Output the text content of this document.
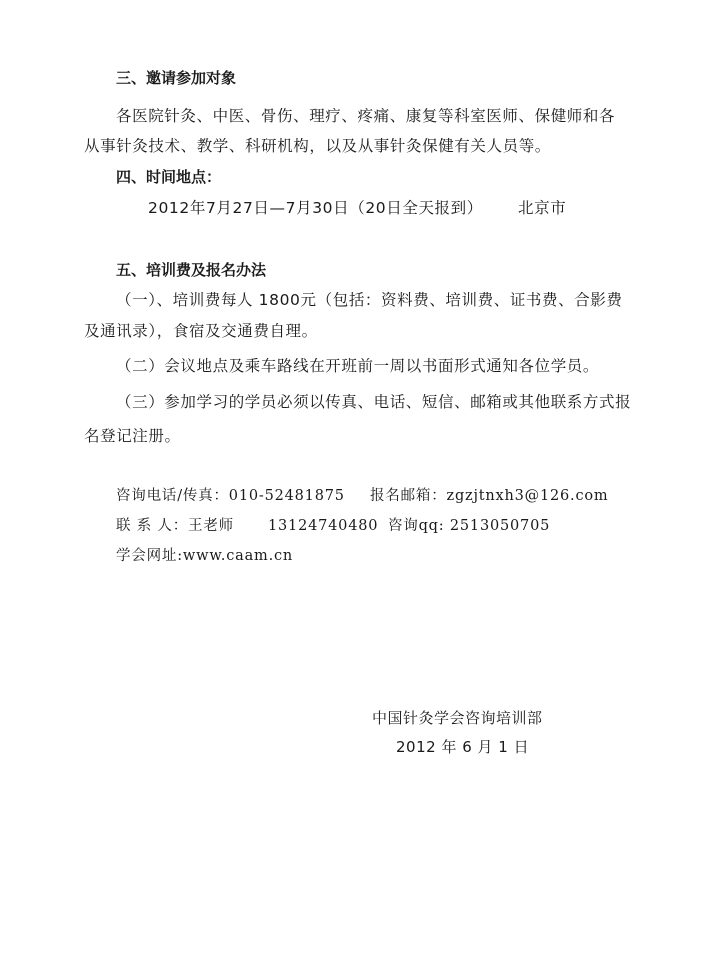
三、邀请参加对象
各医院针灸、中医、骨伤、理疗、疼痛、康复等科室医师、保健师和各
从事针灸技术、教学、科研机构，以及从事针灸保健有关人员等。
四、时间地点：
2012年7月27日—7月30日（20日全天报到） 北京市
五、培训费及报名办法
（一）、培训费每人 1800元（包括：资料费、培训费、证书费、合影费
及通讯录），食宿及交通费自理。
（二）会议地点及乘车路线在开班前一周以书面形式通知各位学员。
（三）参加学习的学员必须以传真、电话、短信、邮箱或其他联系方式报
名登记注册。
咨询电话/传真：010-52481875 报名邮箱：zgzjtnxh3@126.com
联 系 人：王老师 13124740480 咨询qq: 2513050705
学会网址:www.caam.cn
中国针灸学会咨询培训部
2012 年 6 月 1 日
